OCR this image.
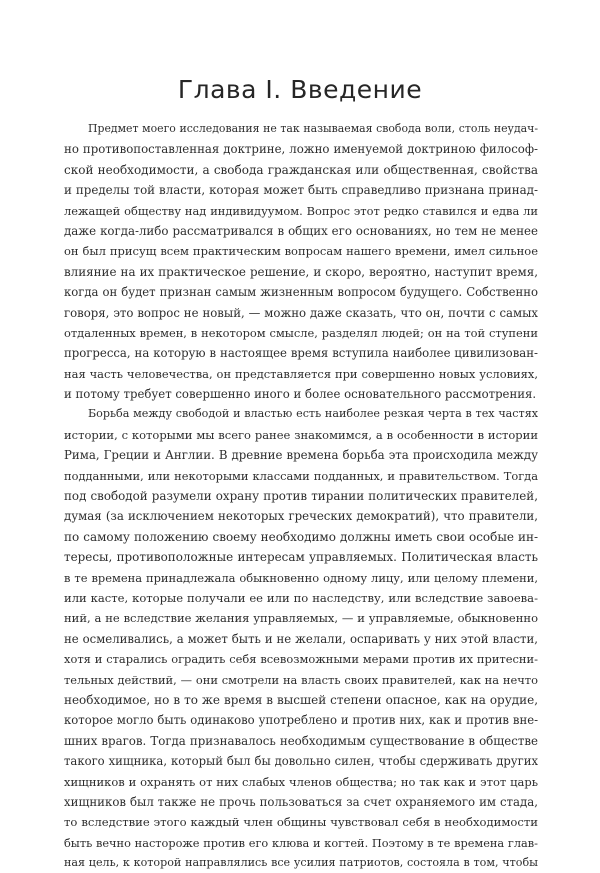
Глава I. Введение
Предмет моего исследования не так называемая свобода воли, столь неудач-
но противопоставленная доктрине, ложно именуемой доктриною философ-
ской необходимости, а свобода гражданская или общественная, свойства
и пределы той власти, которая может быть справедливо признана принад-
лежащей обществу над индивидуумом. Вопрос этот редко ставился и едва ли
даже когда-либо рассматривался в общих его основаниях, но тем не менее
он был присущ всем практическим вопросам нашего времени, имел сильное
влияние на их практическое решение, и скоро, вероятно, наступит время,
когда он будет признан самым жизненным вопросом будущего. Собственно
говоря, это вопрос не новый, — можно даже сказать, что он, почти с самых
отдаленных времен, в некотором смысле, разделял людей; он на той ступени
прогресса, на которую в настоящее время вступила наиболее цивилизован-
ная часть человечества, он представляется при совершенно новых условиях,
и потому требует совершенно иного и более основательного рассмотрения.
Борьба между свободой и властью есть наиболее резкая черта в тех частях
истории, с которыми мы всего ранее знакомимся, а в особенности в истории
Рима, Греции и Англии. В древние времена борьба эта происходила между
подданными, или некоторыми классами подданных, и правительством. Тогда
под свободой разумели охрану против тирании политических правителей,
думая (за исключением некоторых греческих демократий), что правители,
по самому положению своему необходимо должны иметь свои особые ин-
тересы, противоположные интересам управляемых. Политическая власть
в те времена принадлежала обыкновенно одному лицу, или целому племени,
или касте, которые получали ее или по наследству, или вследствие завоева-
ний, а не вследствие желания управляемых, — и управляемые, обыкновенно
не осмеливались, а может быть и не желали, оспаривать у них этой власти,
хотя и старались оградить себя всевозможными мерами против их притесни-
тельных действий, — они смотрели на власть своих правителей, как на нечто
необходимое, но в то же время в высшей степени опасное, как на орудие,
которое могло быть одинаково употреблено и против них, как и против вне-
шних врагов. Тогда признавалось необходимым существование в обществе
такого хищника, который был бы довольно силен, чтобы сдерживать других
хищников и охранять от них слабых членов общества; но так как и этот царь
хищников был также не прочь пользоваться за счет охраняемого им стада,
то вследствие этого каждый член общины чувствовал себя в необходимости
быть вечно настороже против его клюва и когтей. Поэтому в те времена глав-
ная цель, к которой направлялись все усилия патриотов, состояла в том, чтобы
